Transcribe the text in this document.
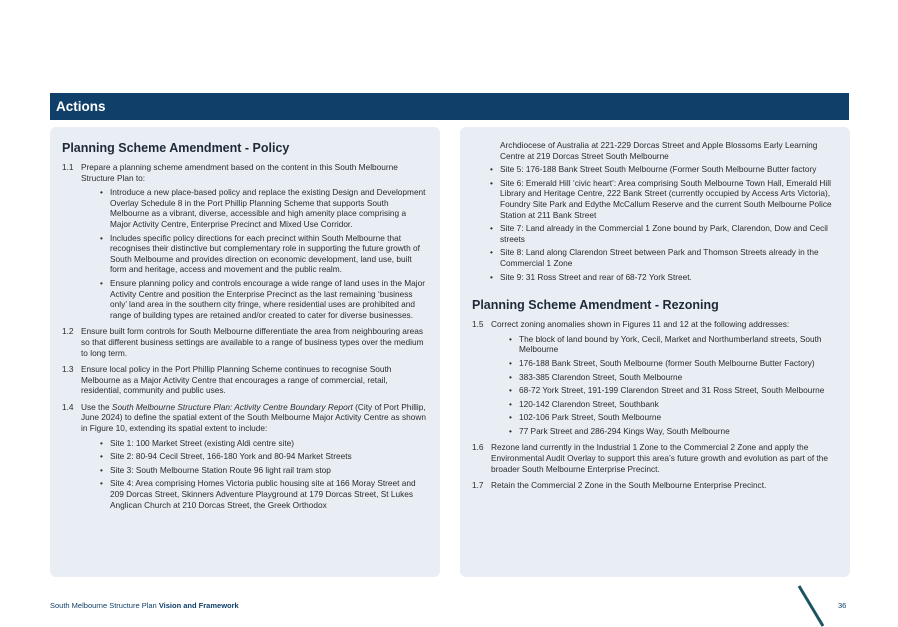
Actions
Planning Scheme Amendment - Policy
1.1 Prepare a planning scheme amendment based on the content in this South Melbourne Structure Plan to:
• Introduce a new place-based policy and replace the existing Design and Development Overlay Schedule 8 in the Port Phillip Planning Scheme that supports South Melbourne as a vibrant, diverse, accessible and high amenity place comprising a Major Activity Centre, Enterprise Precinct and Mixed Use Corridor.
• Includes specific policy directions for each precinct within South Melbourne that recognises their distinctive but complementary role in supporting the future growth of South Melbourne and provides direction on economic development, land use, built form and heritage, access and movement and the public realm.
• Ensure planning policy and controls encourage a wide range of land uses in the Major Activity Centre and position the Enterprise Precinct as the last remaining ‘business only’ land area in the southern city fringe, where residential uses are prohibited and range of building types are retained and/or created to cater for diverse businesses.
1.2 Ensure built form controls for South Melbourne differentiate the area from neighbouring areas so that different business settings are available to a range of business types over the medium to long term.
1.3 Ensure local policy in the Port Phillip Planning Scheme continues to recognise South Melbourne as a Major Activity Centre that encourages a range of commercial, retail, residential, community and public uses.
1.4 Use the South Melbourne Structure Plan: Activity Centre Boundary Report (City of Port Phillip, June 2024) to define the spatial extent of the South Melbourne Major Activity Centre as shown in Figure 10, extending its spatial extent to include:
• Site 1: 100 Market Street (existing Aldi centre site)
• Site 2: 80-94 Cecil Street, 166-180 York and 80-94 Market Streets
• Site 3: South Melbourne Station Route 96 light rail tram stop
• Site 4: Area comprising Homes Victoria public housing site at 166 Moray Street and 209 Dorcas Street, Skinners Adventure Playground at 179 Dorcas Street, St Lukes Anglican Church at 210 Dorcas Street, the Greek Orthodox
Archdiocese of Australia at 221-229 Dorcas Street and Apple Blossoms Early Learning Centre at 219 Dorcas Street South Melbourne
• Site 5: 176-188 Bank Street South Melbourne (Former South Melbourne Butter factory
• Site 6: Emerald Hill ‘civic heart’: Area comprising South Melbourne Town Hall, Emerald Hill Library and Heritage Centre, 222 Bank Street (currently occupied by Access Arts Victoria), Foundry Site Park and Edythe McCallum Reserve and the current South Melbourne Police Station at 211 Bank Street
• Site 7: Land already in the Commercial 1 Zone bound by Park, Clarendon, Dow and Cecil streets
• Site 8: Land along Clarendon Street between Park and Thomson Streets already in the Commercial 1 Zone
• Site 9: 31 Ross Street and rear of 68-72 York Street.
Planning Scheme Amendment - Rezoning
1.5 Correct zoning anomalies shown in Figures 11 and 12 at the following addresses:
• The block of land bound by York, Cecil, Market and Northumberland streets, South Melbourne
• 176-188 Bank Street, South Melbourne (former South Melbourne Butter Factory)
• 383-385 Clarendon Street, South Melbourne
• 68-72 York Street, 191-199 Clarendon Street and 31 Ross Street, South Melbourne
• 120-142 Clarendon Street, Southbank
• 102-106 Park Street, South Melbourne
• 77 Park Street and 286-294 Kings Way, South Melbourne
1.6 Rezone land currently in the Industrial 1 Zone to the Commercial 2 Zone and apply the Environmental Audit Overlay to support this area’s future growth and evolution as part of the broader South Melbourne Enterprise Precinct.
1.7 Retain the Commercial 2 Zone in the South Melbourne Enterprise Precinct.
South Melbourne Structure Plan Vision and Framework	36
